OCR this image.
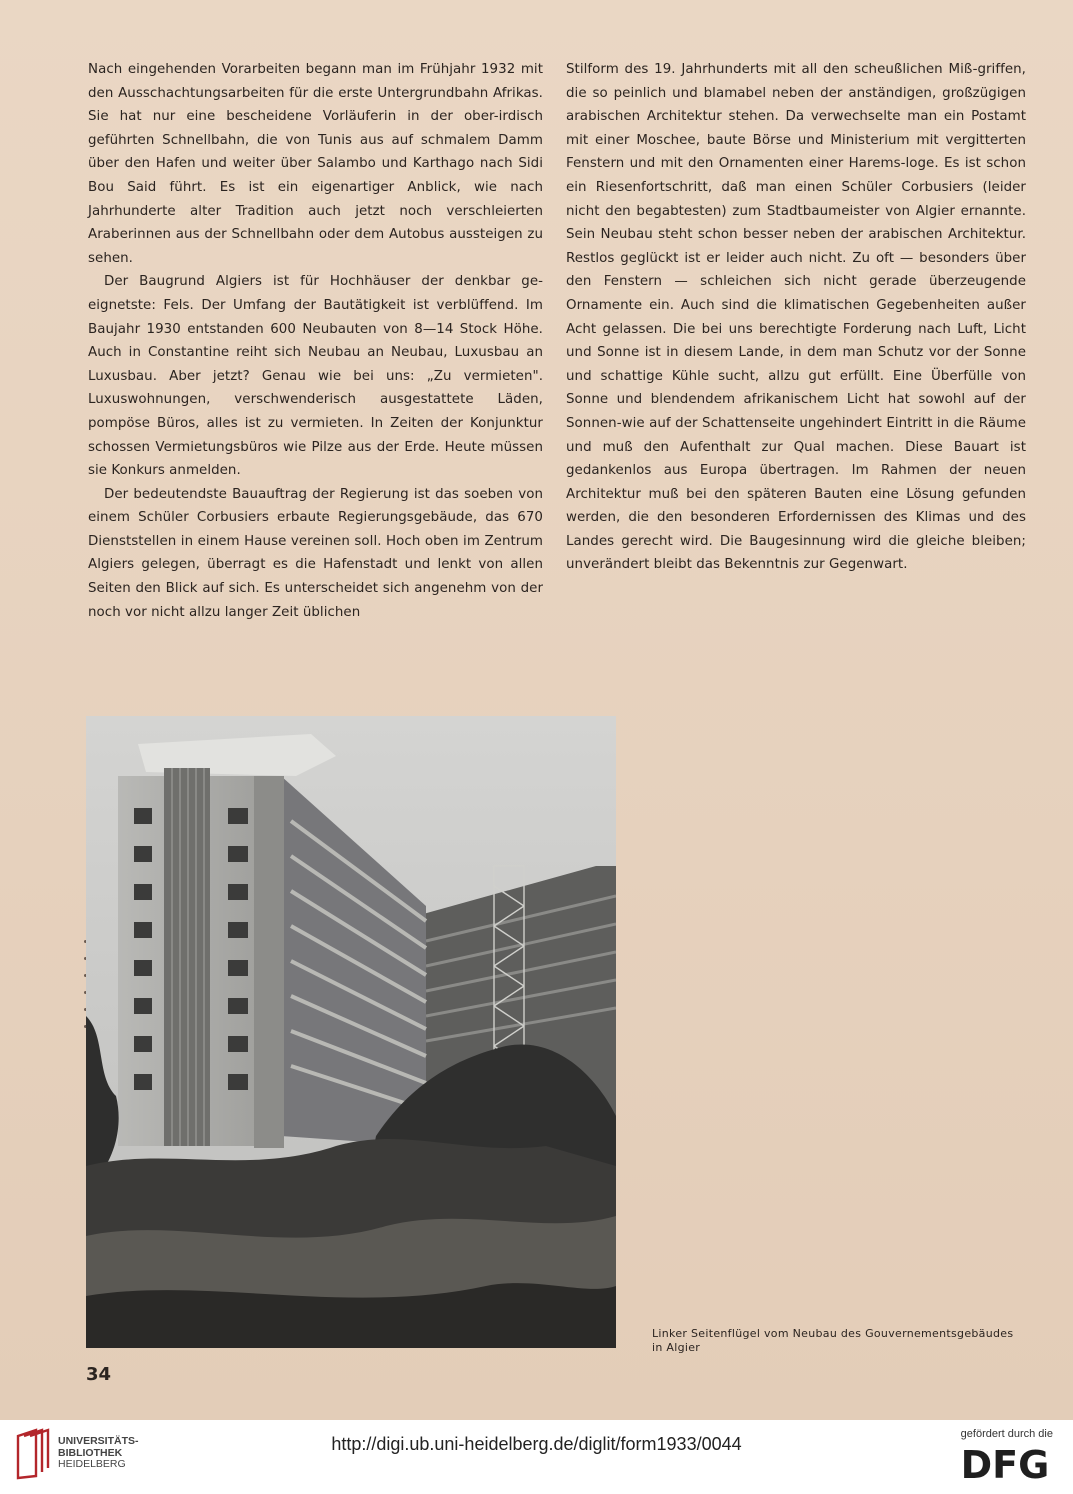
Nach eingehenden Vorarbeiten begann man im Frühjahr 1932 mit den Ausschachtungsarbeiten für die erste Untergrundbahn Afrikas. Sie hat nur eine bescheidene Vorläuferin in der ober-irdisch geführten Schnellbahn, die von Tunis aus auf schmalem Damm über den Hafen und weiter über Salambo und Karthago nach Sidi Bou Said führt. Es ist ein eigenartiger Anblick, wie nach Jahrhunderte alter Tradition auch jetzt noch verschleierten Araberinnen aus der Schnellbahn oder dem Autobus aussteigen zu sehen.

Der Baugrund Algiers ist für Hochhäuser der denkbar ge-eignetste: Fels. Der Umfang der Bautätigkeit ist verblüffend. Im Baujahr 1930 entstanden 600 Neubauten von 8—14 Stock Höhe. Auch in Constantine reiht sich Neubau an Neubau, Luxusbau an Luxusbau. Aber jetzt? Genau wie bei uns: „Zu vermieten". Luxuswohnungen, verschwenderisch ausgestattete Läden, pompöse Büros, alles ist zu vermieten. In Zeiten der Konjunktur schossen Vermietungsbüros wie Pilze aus der Erde. Heute müssen sie Konkurs anmelden.

Der bedeutendste Bauauftrag der Regierung ist das soeben von einem Schüler Corbusiers erbaute Regierungsgebäude, das 670 Dienststellen in einem Hause vereinen soll. Hoch oben im Zentrum Algiers gelegen, überragt es die Hafenstadt und lenkt von allen Seiten den Blick auf sich. Es unterscheidet sich angenehm von der noch vor nicht allzu langer Zeit üblichen

Stilform des 19. Jahrhunderts mit all den scheußlichen Miß-griffen, die so peinlich und blamabel neben der anständigen, großzügigen arabischen Architektur stehen. Da verwechselte man ein Postamt mit einer Moschee, baute Börse und Ministerium mit vergitterten Fenstern und mit den Ornamenten einer Harems-loge. Es ist schon ein Riesenfortschritt, daß man einen Schüler Corbusiers (leider nicht den begabtesten) zum Stadtbaumeister von Algier ernannte. Sein Neubau steht schon besser neben der arabischen Architektur. Restlos geglückt ist er leider auch nicht. Zu oft — besonders über den Fenstern — schleichen sich nicht gerade überzeugende Ornamente ein. Auch sind die klimatischen Gegebenheiten außer Acht gelassen. Die bei uns berechtigte Forderung nach Luft, Licht und Sonne ist in diesem Lande, in dem man Schutz vor der Sonne und schattige Kühle sucht, allzu gut erfüllt. Eine Überfülle von Sonne und blendendem afrikanischem Licht hat sowohl auf der Sonnen-wie auf der Schattenseite ungehindert Eintritt in die Räume und muß den Aufenthalt zur Qual machen. Diese Bauart ist gedankenlos aus Europa übertragen. Im Rahmen der neuen Architektur muß bei den späteren Bauten eine Lösung gefunden werden, die den besonderen Erfordernissen des Klimas und des Landes gerecht wird. Die Baugesinnung wird die gleiche bleiben; unverändert bleibt das Bekenntnis zur Gegenwart.

Linker Seitenflügel vom Neubau des Gouvernementsgebäudes
in Algier
34
UNIVERSITÄTS-
BIBLIOTHEK
HEIDELBERG
http://digi.ub.uni-heidelberg.de/diglit/form1933/0044	gefördert durch die
DFG
